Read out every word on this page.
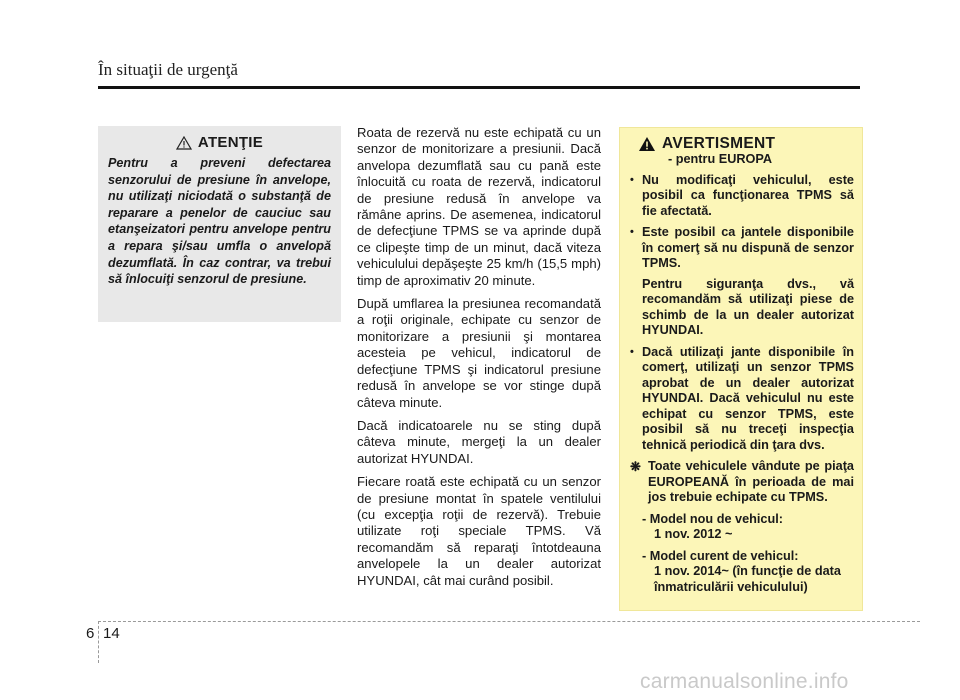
În situaţii de urgenţă
ATENŢIE

Pentru a preveni defectarea senzorului de presiune în anvelope, nu utilizaţi niciodată o substanţă de reparare a penelor de cauciuc sau etanşeizatori pentru anvelope pentru a repara şi/sau umfla o anvelopă dezumflată. În caz contrar, va trebui să înlocuiţi senzorul de presiune.

Roata de rezervă nu este echipată cu un senzor de monitorizare a presiunii. Dacă anvelopa dezumflată sau cu pană este înlocuită cu roata de rezervă, indicatorul de presiune redusă în anvelope va rămâne aprins. De asemenea, indicatorul de defecţiune TPMS se va aprinde după ce clipeşte timp de un minut, dacă viteza vehiculului depăşeşte 25 km/h (15,5 mph) timp de aproximativ 20 minute.

După umflarea la presiunea recomandată a roţii originale, echipate cu senzor de monitorizare a presiunii şi montarea acesteia pe vehicul, indicatorul de defecţiune TPMS şi indicatorul presiune redusă în anvelope se vor stinge după câteva minute.

Dacă indicatoarele nu se sting după câteva minute, mergeţi la un dealer autorizat HYUNDAI.

Fiecare roată este echipată cu un senzor de presiune montat în spatele ventilului (cu excepţia roţii de rezervă). Trebuie utilizate roţi speciale TPMS. Vă recomandăm să reparaţi întotdeauna anvelopele la un dealer autorizat HYUNDAI, cât mai curând posibil.

AVERTISMENT
- pentru EUROPA
• Nu modificaţi vehiculul, este posibil ca funcţionarea TPMS să fie afectată.

• Este posibil ca jantele disponibile în comerţ să nu dispună de senzor TPMS.

Pentru siguranţa dvs., vă recomandăm să utilizaţi piese de schimb de la un dealer autorizat HYUNDAI.

• Dacă utilizaţi jante disponibile în comerţ, utilizaţi un senzor TPMS aprobat de un dealer autorizat HYUNDAI. Dacă vehiculul nu este echipat cu senzor TPMS, este posibil să nu treceţi inspecţia tehnică periodică din ţara dvs.

❋ Toate vehiculele vândute pe piaţa EUROPEANĂ în perioada de mai jos trebuie echipate cu TPMS.
- Model nou de vehicul:
1 nov. 2012 ~
- Model curent de vehicul:
1 nov. 2014~ (în funcţie de data înmatriculării vehiculului)
6 14
carmanualsonline.info
